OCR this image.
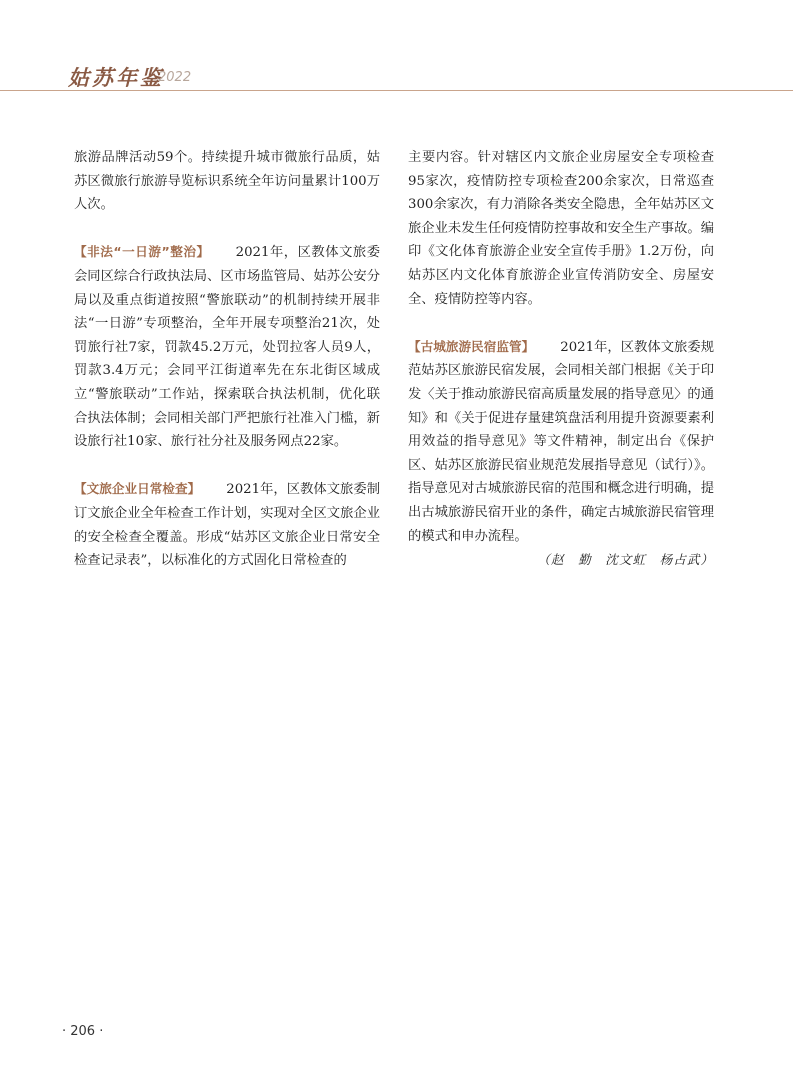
姑苏年鉴
2022

旅游品牌活动59个。持续提升城市微旅行品质，姑苏区微旅行旅游导览标识系统全年访问量累计100万人次。

【非法“一日游”整治】 2021年，区教体文旅委会同区综合行政执法局、区市场监管局、姑苏公安分局以及重点街道按照“警旅联动”的机制持续开展非法“一日游”专项整治，全年开展专项整治21次，处罚旅行社7家，罚款45.2万元，处罚拉客人员9人，罚款3.4万元；会同平江街道率先在东北街区域成立“警旅联动”工作站，探索联合执法机制，优化联合执法体制；会同相关部门严把旅行社准入门槛，新设旅行社10家、旅行社分社及服务网点22家。

【文旅企业日常检查】 2021年，区教体文旅委制订文旅企业全年检查工作计划，实现对全区文旅企业的安全检查全覆盖。形成“姑苏区文旅企业日常安全检查记录表”，以标准化的方式固化日常检查的

主要内容。针对辖区内文旅企业房屋安全专项检查95家次，疫情防控专项检查200余家次，日常巡查300余家次，有力消除各类安全隐患，全年姑苏区文旅企业未发生任何疫情防控事故和安全生产事故。编印《文化体育旅游企业安全宣传手册》1.2万份，向姑苏区内文化体育旅游企业宣传消防安全、房屋安全、疫情防控等内容。

【古城旅游民宿监管】 2021年，区教体文旅委规范姑苏区旅游民宿发展，会同相关部门根据《关于印发〈关于推动旅游民宿高质量发展的指导意见〉的通知》和《关于促进存量建筑盘活利用提升资源要素利用效益的指导意见》等文件精神，制定出台《保护区、姑苏区旅游民宿业规范发展指导意见（试行）》。指导意见对古城旅游民宿的范围和概念进行明确，提出古城旅游民宿开业的条件，确定古城旅游民宿管理的模式和申办流程。

（赵　勤　沈文虹　杨占武）

· 206 ·
